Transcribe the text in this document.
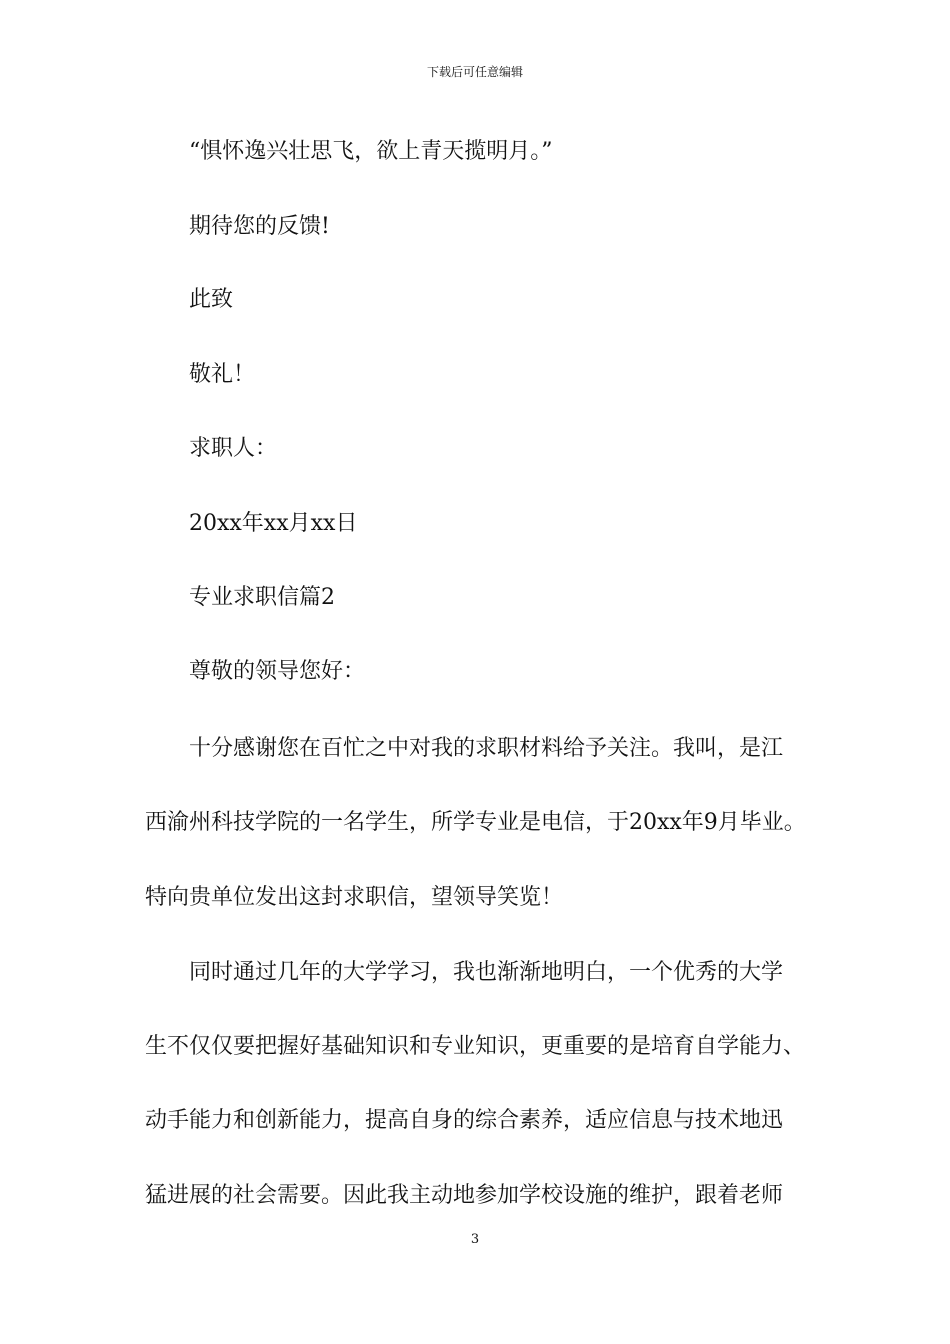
下载后可任意编辑
“惧怀逸兴壮思飞，欲上青天揽明月。”
期待您的反馈!
此致
敬礼！
求职人：
20xx年xx月xx日
专业求职信篇2
尊敬的领导您好：
十分感谢您在百忙之中对我的求职材料给予关注。我叫，是江
西渝州科技学院的一名学生，所学专业是电信，于20xx年9月毕业。
特向贵单位发出这封求职信，望领导笑览！
同时通过几年的大学学习，我也渐渐地明白，一个优秀的大学
生不仅仅要把握好基础知识和专业知识，更重要的是培育自学能力、
动手能力和创新能力，提高自身的综合素养，适应信息与技术地迅
猛进展的社会需要。因此我主动地参加学校设施的维护，跟着老师
3
